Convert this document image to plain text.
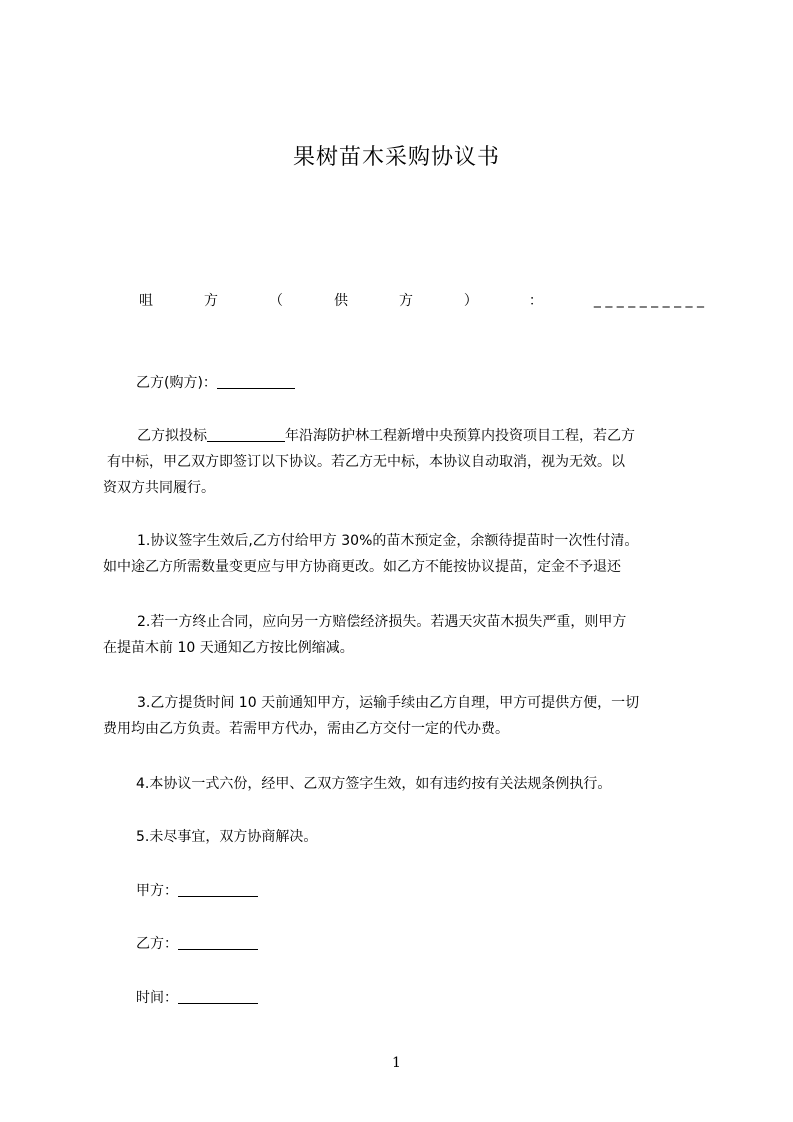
果树苗木采购协议书
咀	方	（	供	方	）	：	_ _ _ _ _ _ _ _ _ _
乙方(购方)：
乙方拟投标	年沿海防护林工程新增中央预算内投资项目工程，若乙方
有中标，甲乙双方即签订以下协议。若乙方无中标，本协议自动取消，视为无效。以
资双方共同履行。
1.协议签字生效后,乙方付给甲方 30%的苗木预定金，余额待提苗时一次性付清。
如中途乙方所需数量变更应与甲方协商更改。如乙方不能按协议提苗，定金不予退还
2.若一方终止合同，应向另一方赔偿经济损失。若遇天灾苗木损失严重，则甲方
在提苗木前 10 天通知乙方按比例缩减。
3.乙方提货时间 10 天前通知甲方，运输手续由乙方自理，甲方可提供方便，一切
费用均由乙方负责。若需甲方代办，需由乙方交付一定的代办费。
4.本协议一式六份，经甲、乙双方签字生效，如有违约按有关法规条例执行。
5.未尽事宜，双方协商解决。
甲方：
乙方：
时间：
1
